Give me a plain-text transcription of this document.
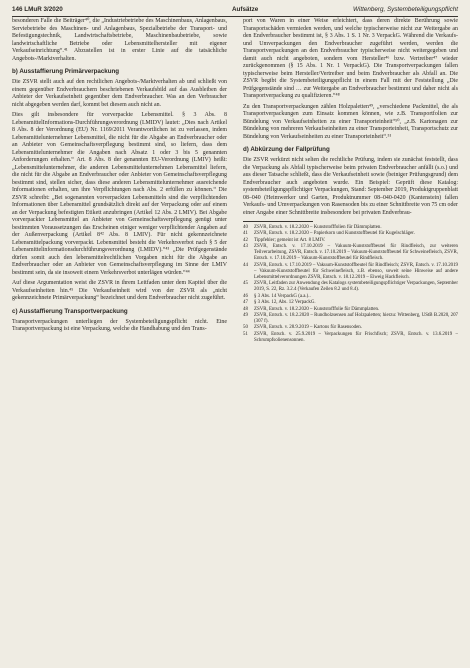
146 LMuR 3/2020	Aufsätze	Wittenberg, Systembeteiligungspflicht

besonderen Falle die Beiträger⁴⁰, die „Industriebetriebe des Maschinenbaus, Anlagenbaus, Serviebetriebe des Maschinen- und Anlagenbaus, Spezialbetriebe der Transport- und Befestigungstechnik, Landwirtschaftsbetriebe, Maschinenbaubetriebe, sowie landwirtschaftliche Betriebe oder Lebensmittelhersteller mit eigener Verkaufseinrichtung“.⁴¹ Abzustellen ist in erster Linie auf die tatsächliche Angebots-/Marktverhalten.

b) Ausstaffierung Primärverpackung

Die ZSVR stellt auch auf den rechtlichen Angebots-/Marktverhalten ab und schließt von einem gegenüber Endverbrauchern beschriebenen Verkaufsbild auf das Ausbleiben der Anbieter der Verkaufseinheit gegenüber dem Endverbraucher. Was an den Verbraucher nicht abgegeben werden darf, kommt bei diesem auch nicht an.

Dies gilt insbesondere für vorverpackte Lebensmittel. § 3 Abs. 8 LebensmittelInformations-Durchführungsverordnung (LMIDV) lautet: „Dies nach Artikel 8 Abs. 8 der Verordnung (EU) Nr. 1169/2011 Verantwortlichen ist zu verlassen, indem Lebensmittelunternehmer Lebensmittel, die nicht für die Abgabe an Endverbraucher oder an Anbieter von Gemeinschaftsverpflegung bestimmt sind, so liefern, dass dem Lebensmittelunternehmer die Angaben nach Absatz 1 oder 3 bis 5 genannten Anforderungen erhalten.“ Art. 8 Abs. 8 der genannten EU-Verordnung (LMIV) heißt: „Lebensmittelunternehmer, die anderen Lebensmittelunternehmen Lebensmittel liefern, die nicht für die Abgabe an Endverbraucher oder Anbieter von Gemeinschaftsverpflegung bestimmt sind, stellen sicher, dass diese anderen Lebensmittelunternehmer ausreichende Informationen erhalten, um ihre Verpflichtungen nach Abs. 2 erfüllen zu können.“ Die ZSVR schreibt: „Bei sogenannten vorverpackten Lebensmitteln sind die verpflichtenden Informationen über Lebensmittel grundsätzlich direkt auf der Verpackung oder auf einem an der Verpackung befestigten Etikett anzubringen (Artikel 12 Abs. 2 LMIV). Bei Abgabe vorverpackter Lebensmittel an Anbieter von Gemeinschaftsverpflegung genügt unter bestimmten Voraussetzungen das Erscheinen einiger weniger verpflichtender Angaben auf der Außenverpackung (Artikel 8⁴² Abs. 8 LMIV). Für nicht gekennzeichnete Lebensmittelpackung vorverpackt. Lebensmittel besteht die Verkehrsverbot nach § 5 der Lebensmittelinformationsdurchführungsverordnung (LMIDV).“⁴³ „Die Prüfgegenstände dürfen somit auch den lebensmittelrechtlichen Vorgaben nicht für die Abgabe an Endverbraucher oder an Anbieter von Gemeinschaftsverpflegung im Sinne der LMIV bestimmt sein, da sie insoweit einem Verkehrsverbot unterlägen würden.“⁴⁴

Auf diese Argumentation weist die ZSVR in ihrem Leitfaden unter dem Kapitel über die Verkaufseinheiten hin.⁴⁵ Die Verkaufseinheit wird von der ZSVR als „nicht gekennzeichnete Primärverpackung“ bezeichnet und dem Endverbraucher nicht zugeführt.

c) Ausstaffierung Transportverpackung

Transportverpackungen unterliegen der Systembeteiligungspflicht nicht. Eine Transportverpackung ist eine Verpackung, welche die Handhabung und den Trans-

port von Waren in einer Weise erleichtert, dass deren direkte Berührung sowie Transportschäden vermieden werden, und welche typischerweise nicht zur Weitergabe an den Endverbraucher bestimmt ist, § 3 Abs. 1 S. 1 Nr. 3 VerpackG. Während die Verkaufs- und Umverpackungen den Endverbraucher zugeführt werden, werden die Transportverpackungen an den Endverbraucher typischerweise nicht weitergegeben und damit auch nicht angeboten, sondern vom Hersteller⁴⁶ bzw. Vertreiber⁴⁷ wieder zurückgenommen (§ 15 Abs. 1 Nr. 1 VerpackG). Die Transportverpackungen fallen typischerweise beim Hersteller/Vertreiber und beim Endverbraucher als Abfall an. Die ZSVR begibt die Systembeteiligungspflicht in einem Fall mit der Feststellung „Die Prüfgegenstände sind … zur Weitergabe an Endverbraucher bestimmt und daher nicht als Transportverpackung zu qualifizieren.“⁴⁸

Zu den Transportverpackungen zählen Holzpaletten⁴⁹, „verschiedene Packmittel, die als Transportverpackungen zum Einsatz kommen können, wie z.B. Transportfolien zur Bündelung von Verkaufseinheiten zu einer Transporteinheit“⁵⁰, „z.B. Kartonagen zur Bündelung von mehreren Verkaufseinheiten zu einer Transporteinheit, Transportschutz zur Bündelung von Verkaufseinheiten zu einer Transporteinheit“.⁵¹

d) Abkürzung der Fallprüfung

Die ZSVR verkürzt nicht selten die rechtliche Prüfung, indem sie zunächst feststellt, dass die Verpackung als Abfall typischerweise beim privaten Endverbraucher anfällt (s.o.) und aus dieser Tatsache schließt, dass die Verkaufseinheit sowie (beiniger Prüfungsgrund) dem Endverbraucher auch angeboten wurde. Ein Beispiel: Geprüft diese Katalog: systembeteiligungspflichtiger Verpackungen, Stand: September 2019, Produktgruppenblatt 08–040 (Heimwerker und Garten, Produktnummer 08–040-0420 (Kantenstein) fallen Verkaufs- und Umverpackungen von Rasensoden bis zu einer Schnittbreite von 75 cm oder einer Angabe einer Schnittbreite insbesondere bei privaten Endverbrau-

40	ZSVR, Entsch. v. 18.2.2020 – Kunststofffolien für Dämmplatten.
41	ZSVR, Entsch. v. 18.2.2020 – Papierkorn und Kunststoffbeutel für Kugelschläger.
42	Tippfehler; gemeint ist Art. 8 LMIV.
43	ZSVR, Entsch. v. 17.10.2019 – Vakuum-Kunststoffbeutel für Rindfleisch, zur weiteren Teilverarbeitung, ZSVR, Entsch. v. 17.10.2019 – Vakuum-Kunststoffbeutel für Schweinefleisch, ZSVR, Entsch. v. 17.10.2019 – Vakuum-Kunststoffbeutel für Rindfleisch.
44	ZSVR, Entsch. v. 17.10.2019 – Vakuum-Kunststoffbeutel für Rindfleisch; ZSVR, Entsch. v. 17.10.2019 – Vakuum-Kunststoffbeutel für Schweinefleisch, z.B. ebenso, soweit seine Hinweise auf andere Lebensmittelverordnungen ZSVR, Entsch. v. 18.12.2019 – Eiweig Hackfleisch.
45	ZSVR, Leitfaden zur Anwendung des Katalogs systembeteiligungspflichtiger Verpackungen, September 2019, S. 22, Rz. 3.2.4 (Verkaufen Zeilen 8.2 und 8.4).
46	§ 3 Abs. 14 VerpackG (a.a.)..
47	§ 3 Abs. 12, Abs. 12 VerpackG.
48	ZSVR, Entsch. v. 18.2.2020 – Kunststofffolie für Dämmplatten.
49	ZSVR, Entsch. v. 18.2.2020 – Rundholzsensen auf Holzpaletten; hierzu: Wittenberg, UStB B.2020, 207 (307 f).
50	ZSVR, Entsch. v. 28.9.2019 – Kartons für Rasensoden.
51	ZSVR, Entsch. v. 25.9.2019 – Verpackungen für Frischfisch; ZSVR, Entsch. v. 13.6.2019 – Schrumpfsolienensonnen.
